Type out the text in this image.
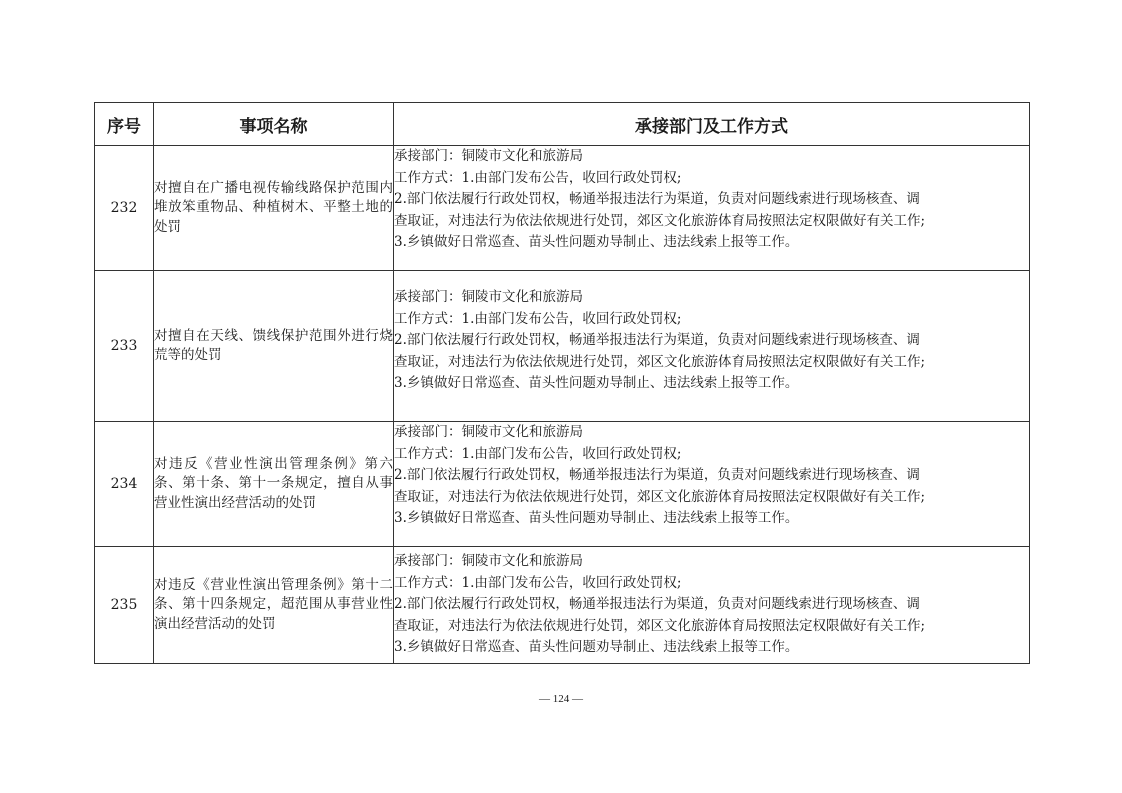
序号	事项名称	承接部门及工作方式
232	对擅自在广播电视传输线路保护范围内堆放笨重物品、种植树木、平整土地的处罚	承接部门：铜陵市文化和旅游局
工作方式：1.由部门发布公告，收回行政处罚权;
2.部门依法履行行政处罚权，畅通举报违法行为渠道，负责对问题线索进行现场核查、调
查取证，对违法行为依法依规进行处罚，郊区文化旅游体育局按照法定权限做好有关工作;
3.乡镇做好日常巡查、苗头性问题劝导制止、违法线索上报等工作。

233	对擅自在天线、馈线保护范围外进行烧荒等的处罚	承接部门：铜陵市文化和旅游局
工作方式：1.由部门发布公告，收回行政处罚权;
2.部门依法履行行政处罚权，畅通举报违法行为渠道，负责对问题线索进行现场核查、调
查取证，对违法行为依法依规进行处罚，郊区文化旅游体育局按照法定权限做好有关工作;
3.乡镇做好日常巡查、苗头性问题劝导制止、违法线索上报等工作。

234	对违反《营业性演出管理条例》第六条、第十条、第十一条规定，擅自从事营业性演出经营活动的处罚	承接部门：铜陵市文化和旅游局
工作方式：1.由部门发布公告，收回行政处罚权;
2.部门依法履行行政处罚权，畅通举报违法行为渠道，负责对问题线索进行现场核查、调
查取证，对违法行为依法依规进行处罚，郊区文化旅游体育局按照法定权限做好有关工作;
3.乡镇做好日常巡查、苗头性问题劝导制止、违法线索上报等工作。

235	对违反《营业性演出管理条例》第十二条、第十四条规定，超范围从事营业性演出经营活动的处罚	承接部门：铜陵市文化和旅游局
工作方式：1.由部门发布公告，收回行政处罚权;
2.部门依法履行行政处罚权，畅通举报违法行为渠道，负责对问题线索进行现场核查、调
查取证，对违法行为依法依规进行处罚，郊区文化旅游体育局按照法定权限做好有关工作;
3.乡镇做好日常巡查、苗头性问题劝导制止、违法线索上报等工作。
— 124 —
